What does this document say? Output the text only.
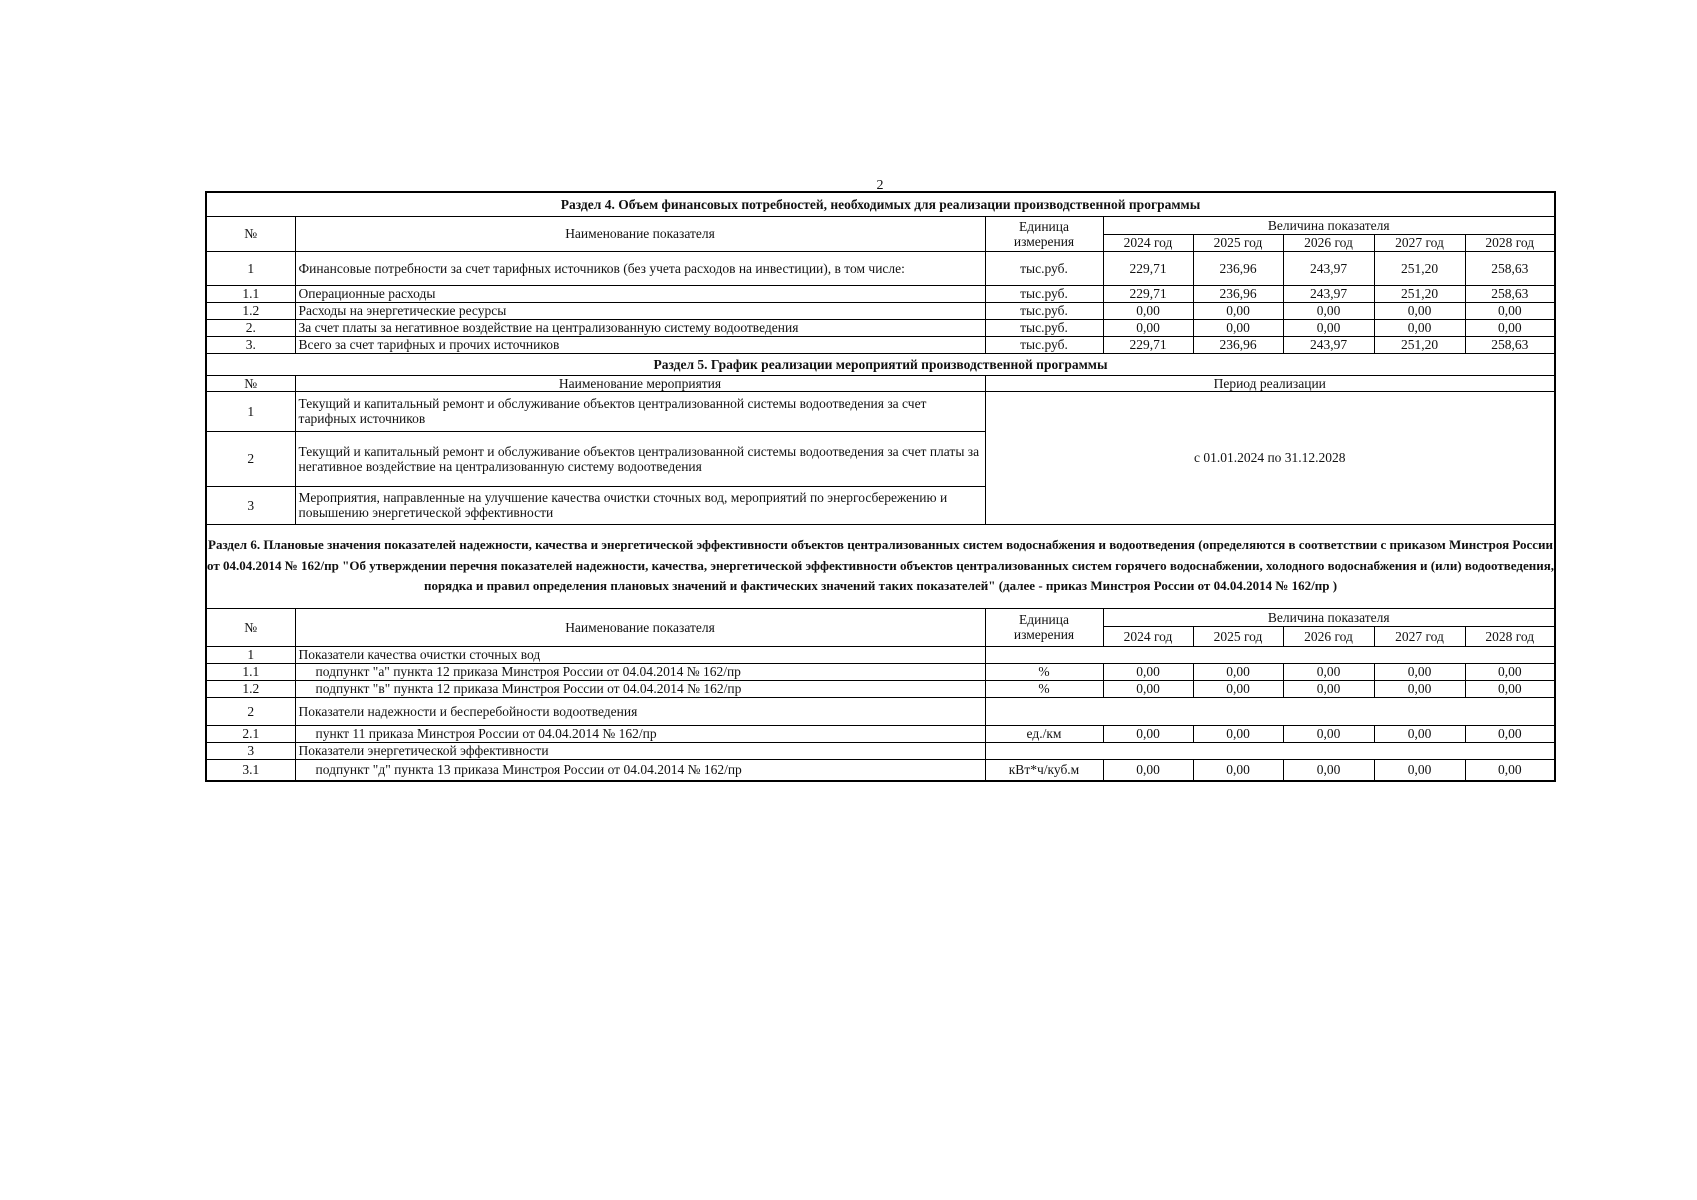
2
Раздел 4. Объем финансовых потребностей, необходимых для реализации производственной программы							
№	Наименование показателя	Единица измерения	Величина показателя				
			2024 год	2025 год	2026 год	2027 год	2028 год
1	Финансовые потребности за счет тарифных источников (без учета расходов на инвестиции), в том числе:	тыс.руб.	229,71	236,96	243,97	251,20	258,63
1.1	Операционные расходы	тыс.руб.	229,71	236,96	243,97	251,20	258,63
1.2	Расходы на энергетические ресурсы	тыс.руб.	0,00	0,00	0,00	0,00	0,00
2.	За счет платы за негативное воздействие на централизованную систему водоотведения	тыс.руб.	0,00	0,00	0,00	0,00	0,00
3.	Всего за счет тарифных и прочих источников	тыс.руб.	229,71	236,96	243,97	251,20	258,63
Раздел 5. График реализации мероприятий производственной программы							
№	Наименование мероприятия	Период реализации					
1	Текущий и капитальный ремонт и обслуживание объектов централизованной системы водоотведения за счет тарифных источников	с 01.01.2024 по 31.12.2028					
2	Текущий и капитальный ремонт и обслуживание объектов централизованной системы водоотведения за счет платы за негативное воздействие на централизованную систему водоотведения						
3	Мероприятия, направленные на улучшение качества очистки сточных вод, мероприятий по энергосбережению и повышению энергетической эффективности						
Раздел 6. Плановые значения показателей надежности, качества и энергетической эффективности объектов централизованных систем водоснабжения и водоотведения (определяются в соответствии с приказом Минстроя России от 04.04.2014 № 162/пр "Об утверждении перечня показателей надежности, качества, энергетической эффективности объектов централизованных систем горячего водоснабжении, холодного водоснабжения и (или) водоотведения, порядка и правил определения плановых значений и фактических значений таких показателей" (далее - приказ Минстроя России от 04.04.2014 № 162/пр )							
№	Наименование показателя	Единица измерения	Величина показателя				
			2024 год	2025 год	2026 год	2027 год	2028 год
1	Показатели качества очистки сточных вод						
1.1	подпункт "а" пункта 12 приказа Минстроя России от 04.04.2014 № 162/пр	%	0,00	0,00	0,00	0,00	0,00
1.2	подпункт "в" пункта 12 приказа Минстроя России от 04.04.2014 № 162/пр	%	0,00	0,00	0,00	0,00	0,00
2	Показатели надежности и бесперебойности водоотведения						
2.1	пункт 11 приказа Минстроя России от 04.04.2014 № 162/пр	ед./км	0,00	0,00	0,00	0,00	0,00
3	Показатели энергетической эффективности						
3.1	подпункт "д" пункта 13 приказа Минстроя России от 04.04.2014 № 162/пр	кВт*ч/куб.м	0,00	0,00	0,00	0,00	0,00
